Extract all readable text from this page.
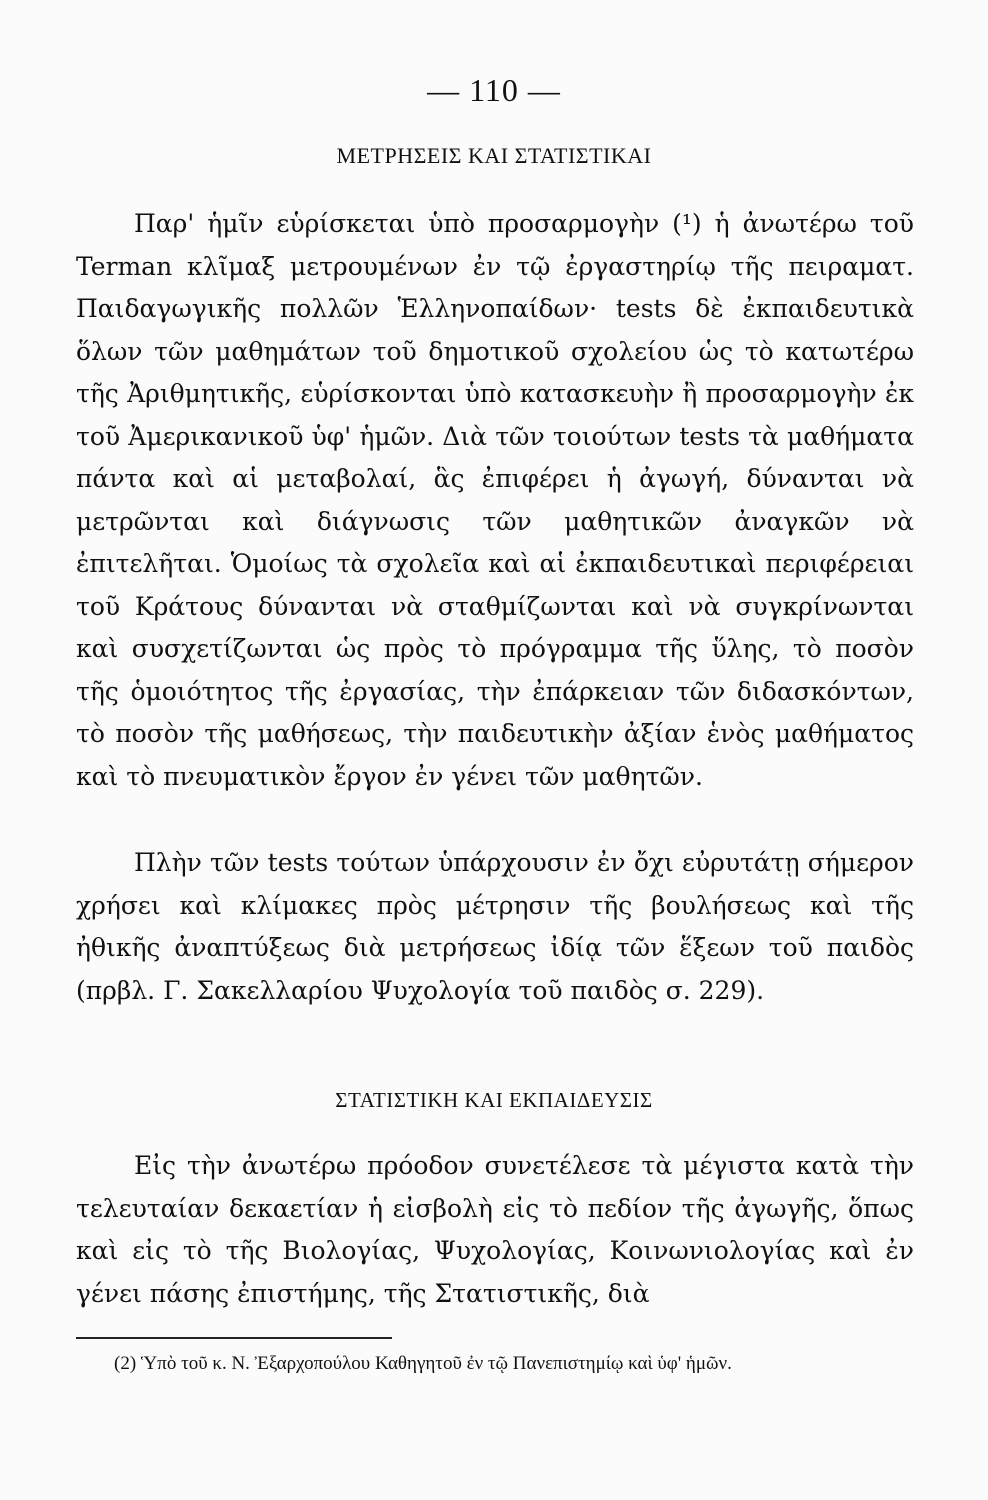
— 110 —
ΜΕΤΡΗΣΕΙΣ ΚΑΙ ΣΤΑΤΙΣΤΙΚΑΙ

Παρ' ἡμῖν εὑρίσκεται ὑπὸ προσαρμογὴν (¹) ἡ ἀνωτέρω τοῦ Terman κλῖμαξ μετρουμένων ἐν τῷ ἐργαστηρίῳ τῆς πειραματ. Παιδαγωγικῆς πολλῶν Ἑλληνοπαίδων· tests δὲ ἐκπαιδευτικὰ ὅλων τῶν μαθημάτων τοῦ δημοτικοῦ σχολείου ὡς τὸ κατωτέρω τῆς Ἀριθμητικῆς, εὑρίσκονται ὑπὸ κατασκευὴν ἢ προσαρμογὴν ἐκ τοῦ Ἀμερικανικοῦ ὑφ' ἡμῶν. Διὰ τῶν τοιούτων tests τὰ μαθήματα πάντα καὶ αἱ μεταβολαί, ἃς ἐπιφέρει ἡ ἀγωγή, δύνανται νὰ μετρῶνται καὶ διάγνωσις τῶν μαθητικῶν ἀναγκῶν νὰ ἐπιτελῆται. Ὁμοίως τὰ σχολεῖα καὶ αἱ ἐκπαιδευτικαὶ περιφέρειαι τοῦ Κράτους δύνανται νὰ σταθμίζωνται καὶ νὰ συγκρίνωνται καὶ συσχετίζωνται ὡς πρὸς τὸ πρόγραμμα τῆς ὕλης, τὸ ποσὸν τῆς ὁμοιότητος τῆς ἐργασίας, τὴν ἐπάρκειαν τῶν διδασκόντων, τὸ ποσὸν τῆς μαθήσεως, τὴν παιδευτικὴν ἀξίαν ἑνὸς μαθήματος καὶ τὸ πνευματικὸν ἔργον ἐν γένει τῶν μαθητῶν.

Πλὴν τῶν tests τούτων ὑπάρχουσιν ἐν ὄχι εὐρυτάτῃ σήμερον χρήσει καὶ κλίμακες πρὸς μέτρησιν τῆς βουλήσεως καὶ τῆς ἠθικῆς ἀναπτύξεως διὰ μετρήσεως ἰδίᾳ τῶν ἕξεων τοῦ παιδὸς (πρβλ. Γ. Σακελλαρίου Ψυχολογία τοῦ παιδὸς σ. 229).

ΣΤΑΤΙΣΤΙΚΗ ΚΑΙ ΕΚΠΑΙΔΕΥΣΙΣ

Εἰς τὴν ἀνωτέρω πρόοδον συνετέλεσε τὰ μέγιστα κατὰ τὴν τελευταίαν δεκαετίαν ἡ εἰσβολὴ εἰς τὸ πεδίον τῆς ἀγωγῆς, ὅπως καὶ εἰς τὸ τῆς Βιολογίας, Ψυχολογίας, Κοινωνιολογίας καὶ ἐν γένει πάσης ἐπιστήμης, τῆς Στατιστικῆς, διὰ

(2) Ὑπὸ τοῦ κ. Ν. Ἐξαρχοπούλου Καθηγητοῦ ἐν τῷ Πανεπιστημίῳ καὶ ὑφ' ἡμῶν.
